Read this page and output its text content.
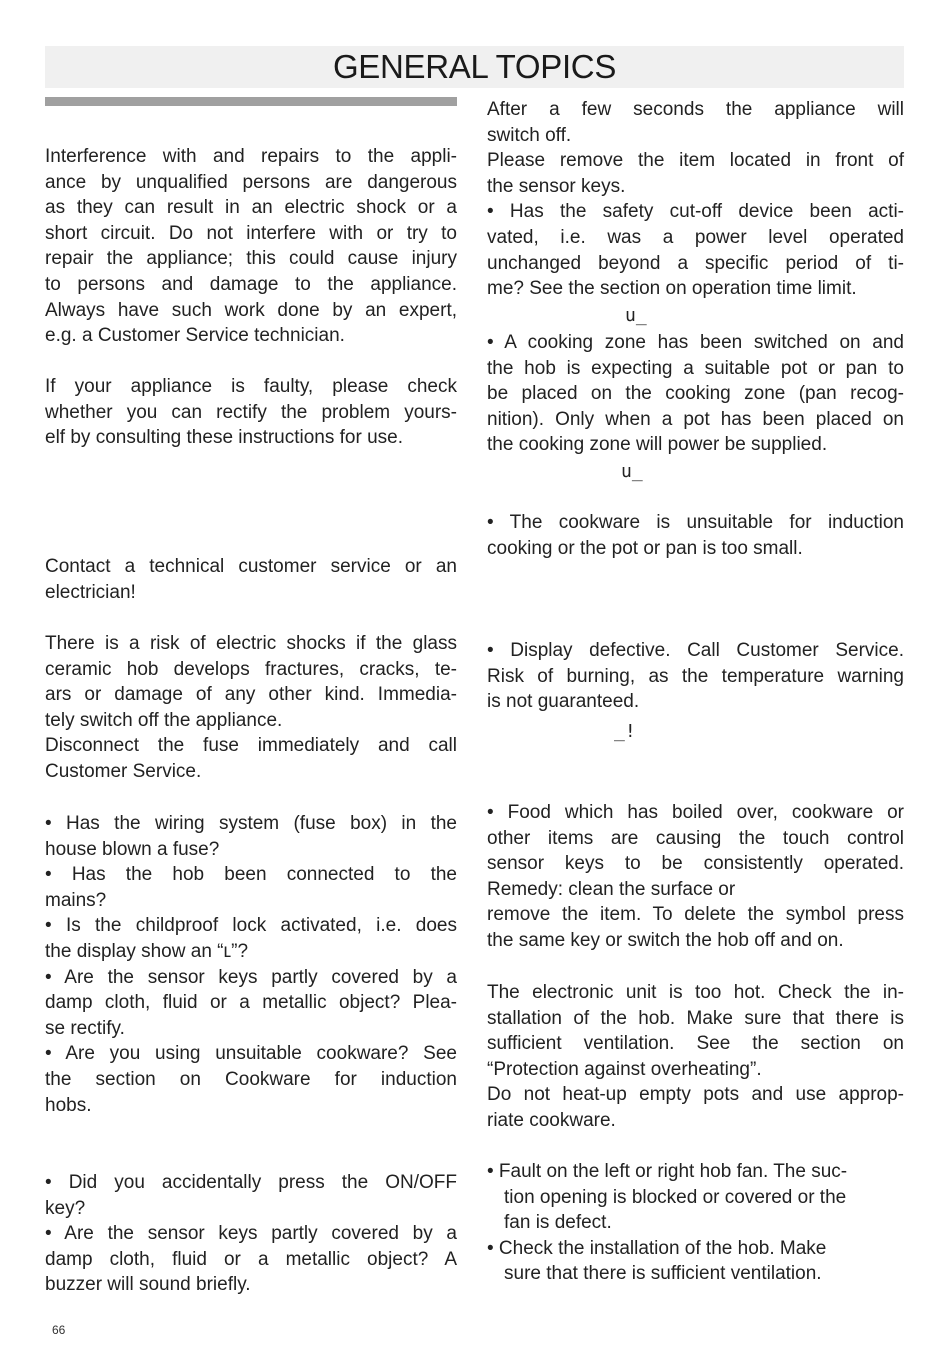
GENERAL TOPICS
Interference with and repairs to the appli-
ance by unqualified persons are dangerous
as they can result in an electric shock or a
short circuit. Do not interfere with or try to
repair the appliance; this could cause injury
to persons and damage to the appliance.
Always have such work done by an expert,
e.g. a Customer Service technician.
If your appliance is faulty, please check
whether you can rectify the problem yours-
elf by consulting these instructions for use.
Contact a technical customer service or an
electrician!
There is a risk of electric shocks if the glass
ceramic hob develops fractures, cracks, te-
ars or damage of any other kind. Immedia-
tely switch off the appliance.
Disconnect the fuse immediately and call
Customer Service.
• Has the wiring system (fuse box) in the
house blown a fuse?
• Has the hob been connected to the
mains?
• Is the childproof lock activated, i.e. does
the display show an “ʟ”?
• Are the sensor keys partly covered by a
damp cloth, fluid or a metallic object? Plea-
se rectify.
• Are you using unsuitable cookware? See
the section on Cookware for induction
hobs.
• Did you accidentally press the ON/OFF
key?
• Are the sensor keys partly covered by a
damp cloth, fluid or a metallic object? A
buzzer will sound briefly.
After a few seconds the appliance will
switch off.
Please remove the item located in front of
the sensor keys.
• Has the safety cut-off device been acti-
vated, i.e. was a power level operated
unchanged beyond a specific period of ti-
me? See the section on operation time limit.
u̲
• A cooking zone has been switched on and
the hob is expecting a suitable pot or pan to
be placed on the cooking zone (pan recog-
nition). Only when a pot has been placed on
the cooking zone will power be supplied.
• The cookware is unsuitable for induction
cooking or the pot or pan is too small.
• Display defective. Call Customer Service.
Risk of burning, as the temperature warning
is not guaranteed.
• Food which has boiled over, cookware or
other items are causing the touch control
sensor keys to be consistently operated.
Remedy: clean the surface or
remove the item. To delete the symbol press
the same key or switch the hob off and on.
The electronic unit is too hot. Check the in-
stallation of the hob. Make sure that there is
sufficient ventilation. See the section on
“Protection against overheating”.
Do not heat-up empty pots and use approp-
riate cookware.
• Fault on the left or right hob fan. The suc-
tion opening is blocked or covered or the
fan is defect.
• Check the installation of the hob. Make
sure that there is sufficient ventilation.
u̲
_!
66
